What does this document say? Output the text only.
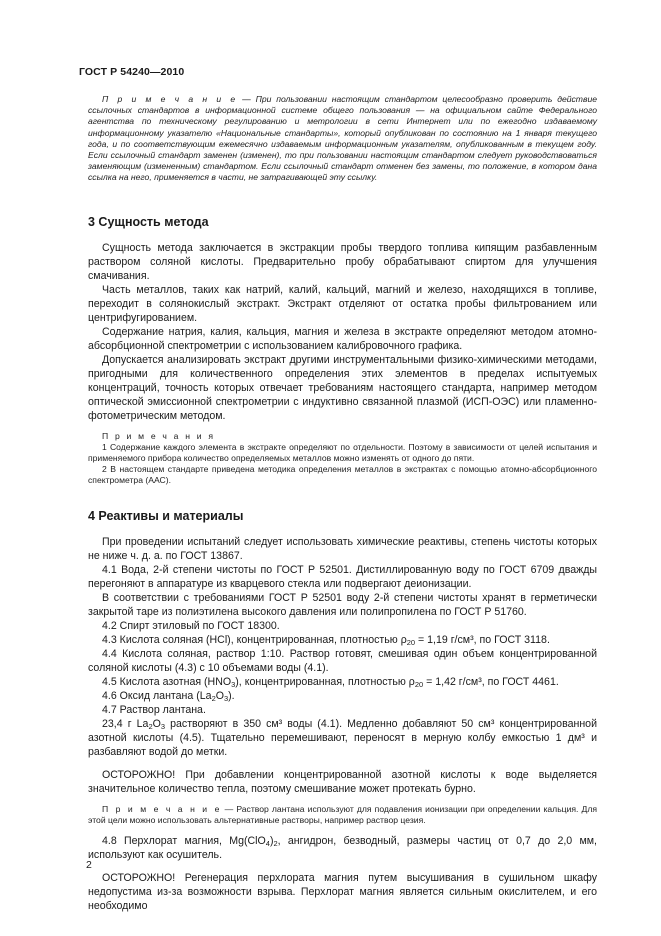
ГОСТ Р 54240—2010

П р и м е ч а н и е — При пользовании настоящим стандартом целесообразно проверить действие ссылочных стандартов в информационной системе общего пользования — на официальном сайте Федерального агентства по техническому регулированию и метрологии в сети Интернет или по ежегодно издаваемому информационному указателю «Национальные стандарты», который опубликован по состоянию на 1 января текущего года, и по соответствующим ежемесячно издаваемым информационным указателям, опубликованным в текущем году. Если ссылочный стандарт заменен (изменен), то при пользовании настоящим стандартом следует руководствоваться заменяющим (измененным) стандартом. Если ссылочный стандарт отменен без замены, то положение, в котором дана ссылка на него, применяется в части, не затрагивающей эту ссылку.

3 Сущность метода

Сущность метода заключается в экстракции пробы твердого топлива кипящим разбавленным раствором соляной кислоты. Предварительно пробу обрабатывают спиртом для улучшения смачивания.

Часть металлов, таких как натрий, калий, кальций, магний и железо, находящихся в топливе, переходит в солянокислый экстракт. Экстракт отделяют от остатка пробы фильтрованием или центрифугированием.

Содержание натрия, калия, кальция, магния и железа в экстракте определяют методом атомно-абсорбционной спектрометрии с использованием калибровочного графика.

Допускается анализировать экстракт другими инструментальными физико-химическими методами, пригодными для количественного определения этих элементов в пределах испытуемых концентраций, точность которых отвечает требованиям настоящего стандарта, например методом оптической эмиссионной спектрометрии с индуктивно связанной плазмой (ИСП-ОЭС) или пламенно-фотометрическим методом.

П р и м е ч а н и я

1 Содержание каждого элемента в экстракте определяют по отдельности. Поэтому в зависимости от целей испытания и применяемого прибора количество определяемых металлов можно изменять от одного до пяти.

2 В настоящем стандарте приведена методика определения металлов в экстрактах с помощью атомно-абсорбционного спектрометра (ААС).

4 Реактивы и материалы

При проведении испытаний следует использовать химические реактивы, степень чистоты которых не ниже ч. д. а. по ГОСТ 13867.

4.1 Вода, 2-й степени чистоты по ГОСТ Р 52501. Дистиллированную воду по ГОСТ 6709 дважды перегоняют в аппаратуре из кварцевого стекла или подвергают деионизации.

В соответствии с требованиями ГОСТ Р 52501 воду 2-й степени чистоты хранят в герметически закрытой таре из полиэтилена высокого давления или полипропилена по ГОСТ Р 51760.

4.2 Спирт этиловый по ГОСТ 18300.

4.3 Кислота соляная (HCl), концентрированная, плотностью $\rho_{20} = 1,19$ г/см³, по ГОСТ 3118.

4.4 Кислота соляная, раствор 1:10. Раствор готовят, смешивая один объем концентрированной соляной кислоты (4.3) с 10 объемами воды (4.1).

4.5 Кислота азотная $(HNO_3)$, концентрированная, плотностью $\rho_{20} = 1,42$ г/см³, по ГОСТ 4461.

4.6 Оксид лантана $(La_2O_3)$.

4.7 Раствор лантана.

23,4 г $La_2O_3$ растворяют в 350 см³ воды (4.1). Медленно добавляют 50 см³ концентрированной азотной кислоты (4.5). Тщательно перемешивают, переносят в мерную колбу емкостью 1 дм³ и разбавляют водой до метки.

ОСТОРОЖНО! При добавлении концентрированной азотной кислоты к воде выделяется значительное количество тепла, поэтому смешивание может протекать бурно.

П р и м е ч а н и е — Раствор лантана используют для подавления ионизации при определении кальция. Для этой цели можно использовать альтернативные растворы, например раствор цезия.

4.8 Перхлорат магния, $Mg(ClO_4)_2$, ангидрон, безводный, размеры частиц от 0,7 до 2,0 мм, используют как осушитель.

ОСТОРОЖНО! Регенерация перхлората магния путем высушивания в сушильном шкафу недопустима из-за возможности взрыва. Перхлорат магния является сильным окислителем, и его необходимо

2
